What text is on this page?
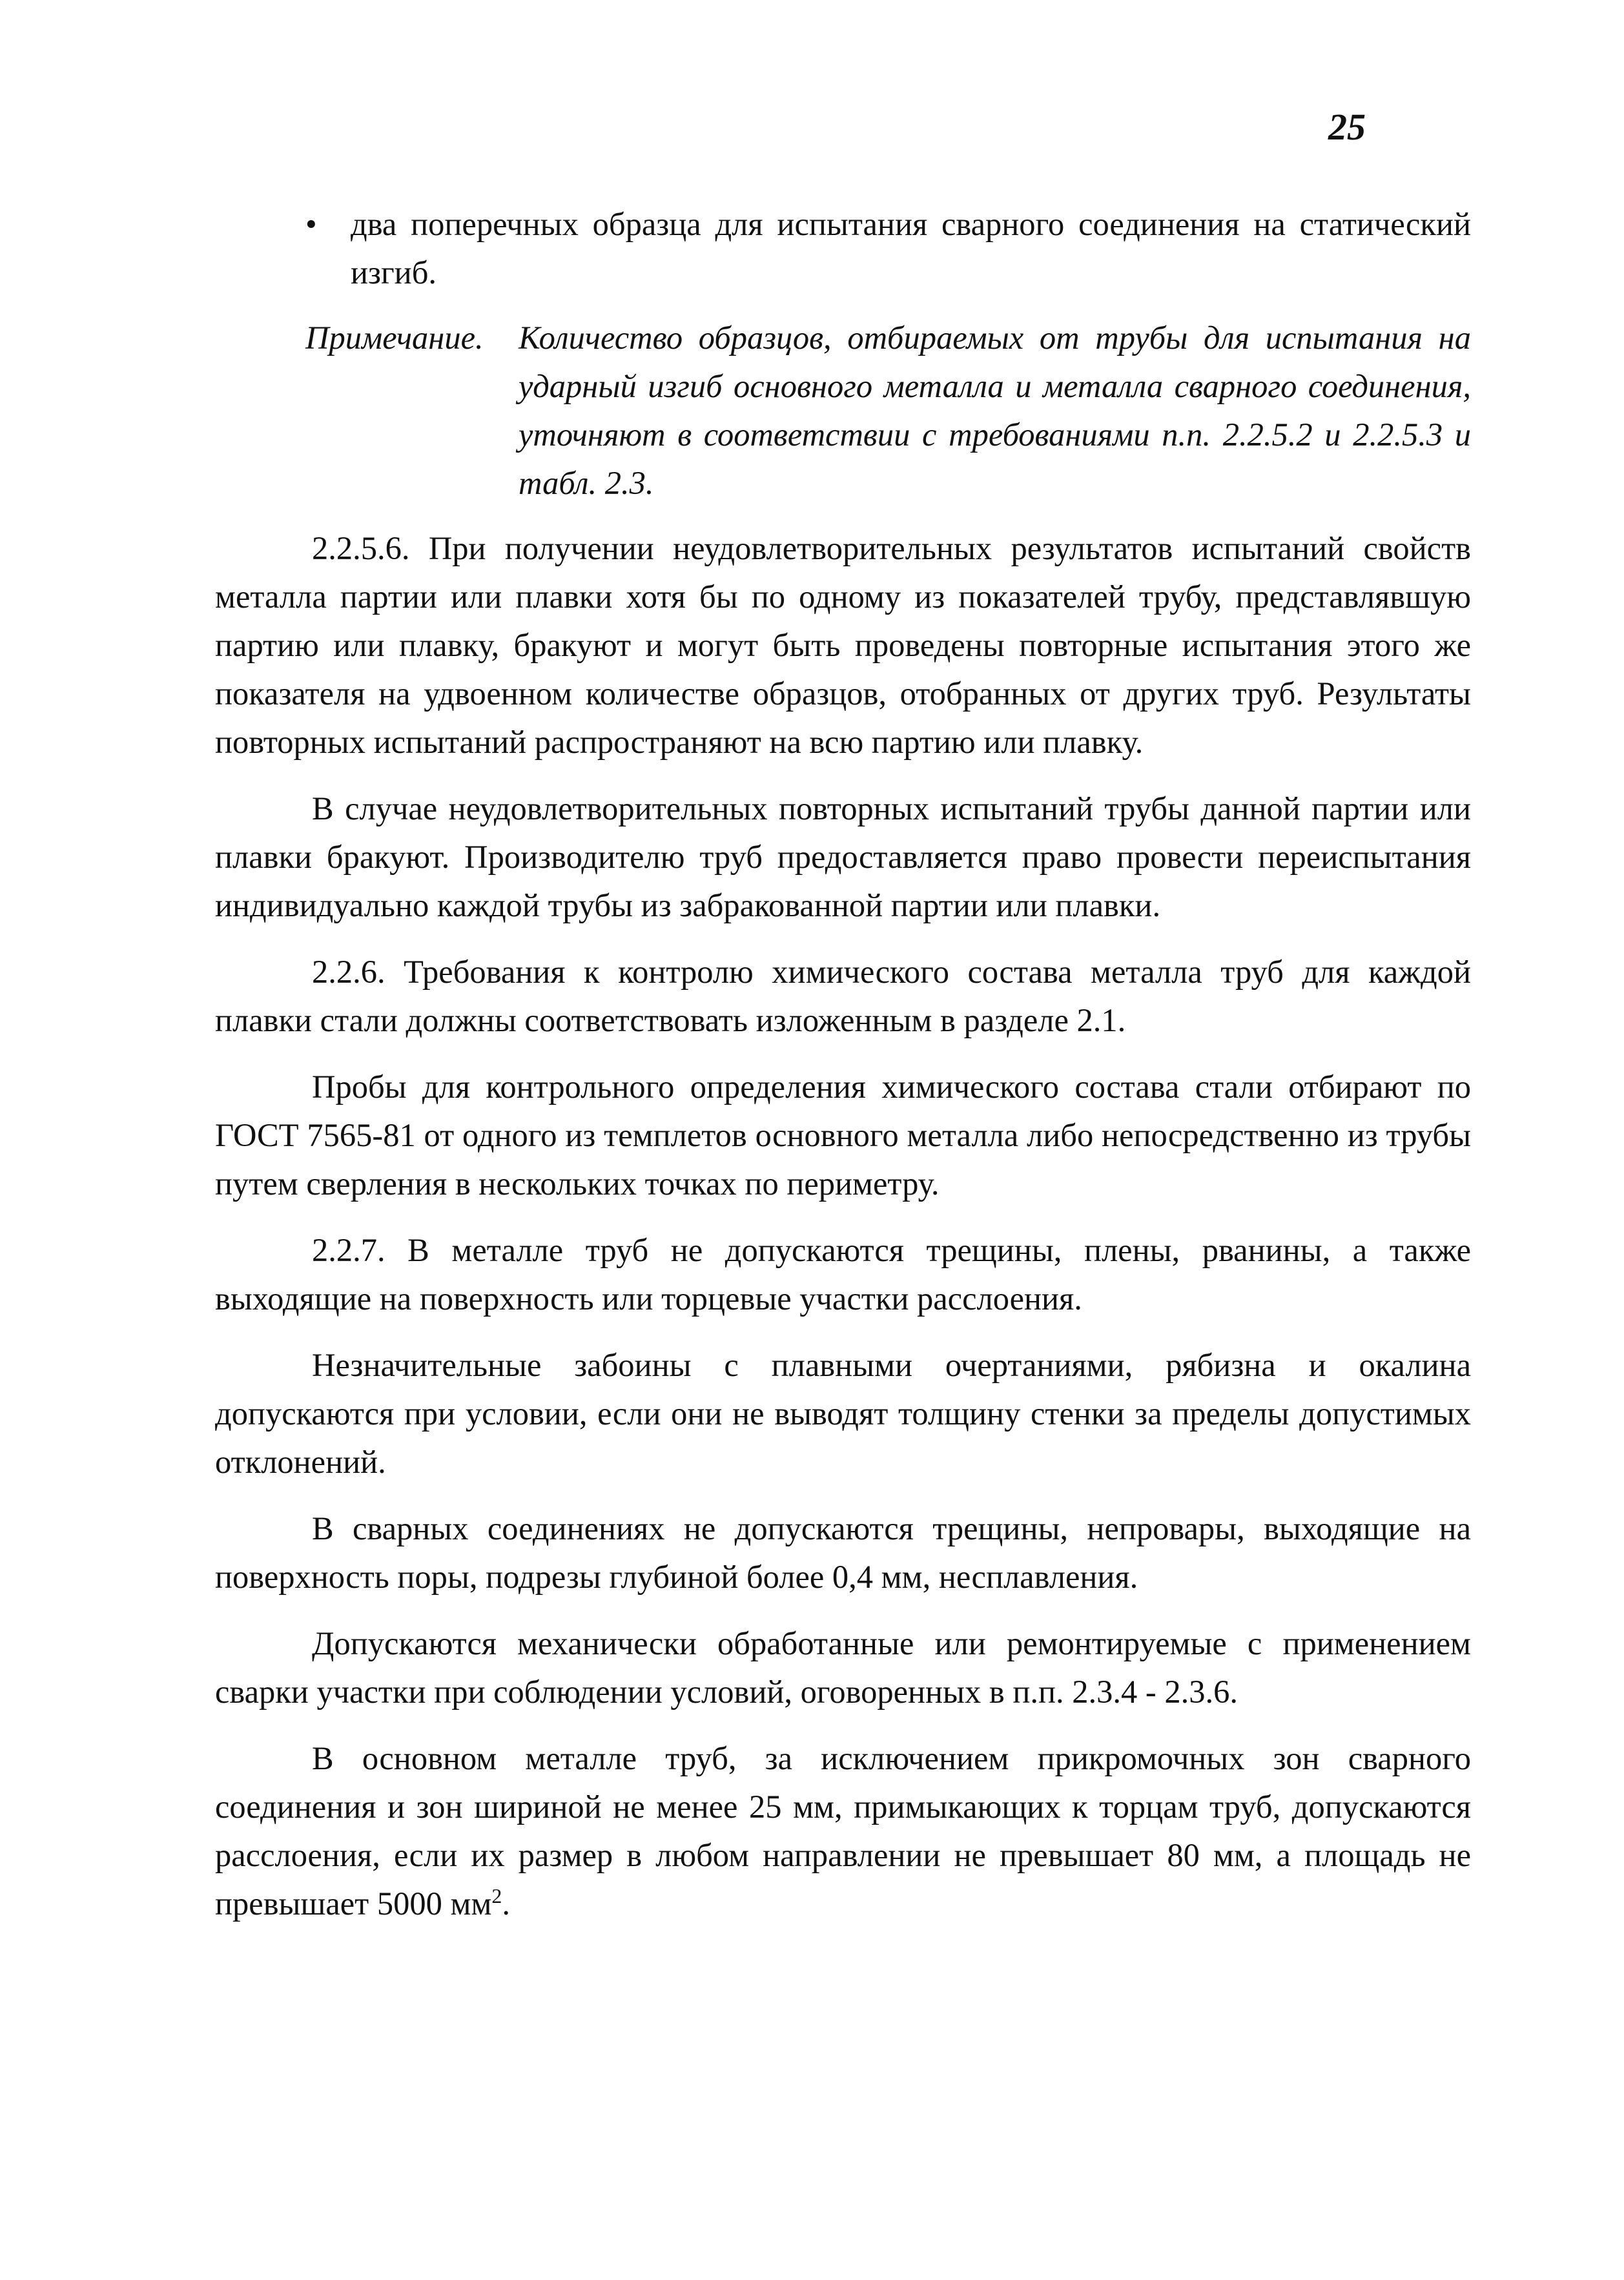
25
• два поперечных образца для испытания сварного соединения на статический изгиб.
Примечание.	Количество образцов, отбираемых от трубы для испытания на ударный изгиб основного металла и металла сварного соединения, уточняют в соответствии с требованиями п.п. 2.2.5.2 и 2.2.5.3 и табл. 2.3.

2.2.5.6. При получении неудовлетворительных результатов испытаний свойств металла партии или плавки хотя бы по одному из показателей трубу, представлявшую партию или плавку, бракуют и могут быть проведены повторные испытания этого же показателя на удвоенном количестве образцов, отобранных от других труб. Результаты повторных испытаний распространяют на всю партию или плавку.

В случае неудовлетворительных повторных испытаний трубы данной партии или плавки бракуют. Производителю труб предоставляется право провести переиспытания индивидуально каждой трубы из забракованной партии или плавки.

2.2.6. Требования к контролю химического состава металла труб для каждой плавки стали должны соответствовать изложенным в разделе 2.1.

Пробы для контрольного определения химического состава стали отбирают по ГОСТ 7565-81 от одного из темплетов основного металла либо непосредственно из трубы путем сверления в нескольких точках по периметру.

2.2.7. В металле труб не допускаются трещины, плены, рванины, а также выходящие на поверхность или торцевые участки расслоения.

Незначительные забоины с плавными очертаниями, рябизна и окалина допускаются при условии, если они не выводят толщину стенки за пределы допустимых отклонений.

В сварных соединениях не допускаются трещины, непровары, выходящие на поверхность поры, подрезы глубиной более 0,4 мм, несплавления.

Допускаются механически обработанные или ремонтируемые с применением сварки участки при соблюдении условий, оговоренных в п.п. 2.3.4 - 2.3.6.

В основном металле труб, за исключением прикромочных зон сварного соединения и зон шириной не менее 25 мм, примыкающих к торцам труб, допускаются расслоения, если их размер в любом направлении не превышает 80 мм, а площадь не превышает 5000 $мм^2$.
